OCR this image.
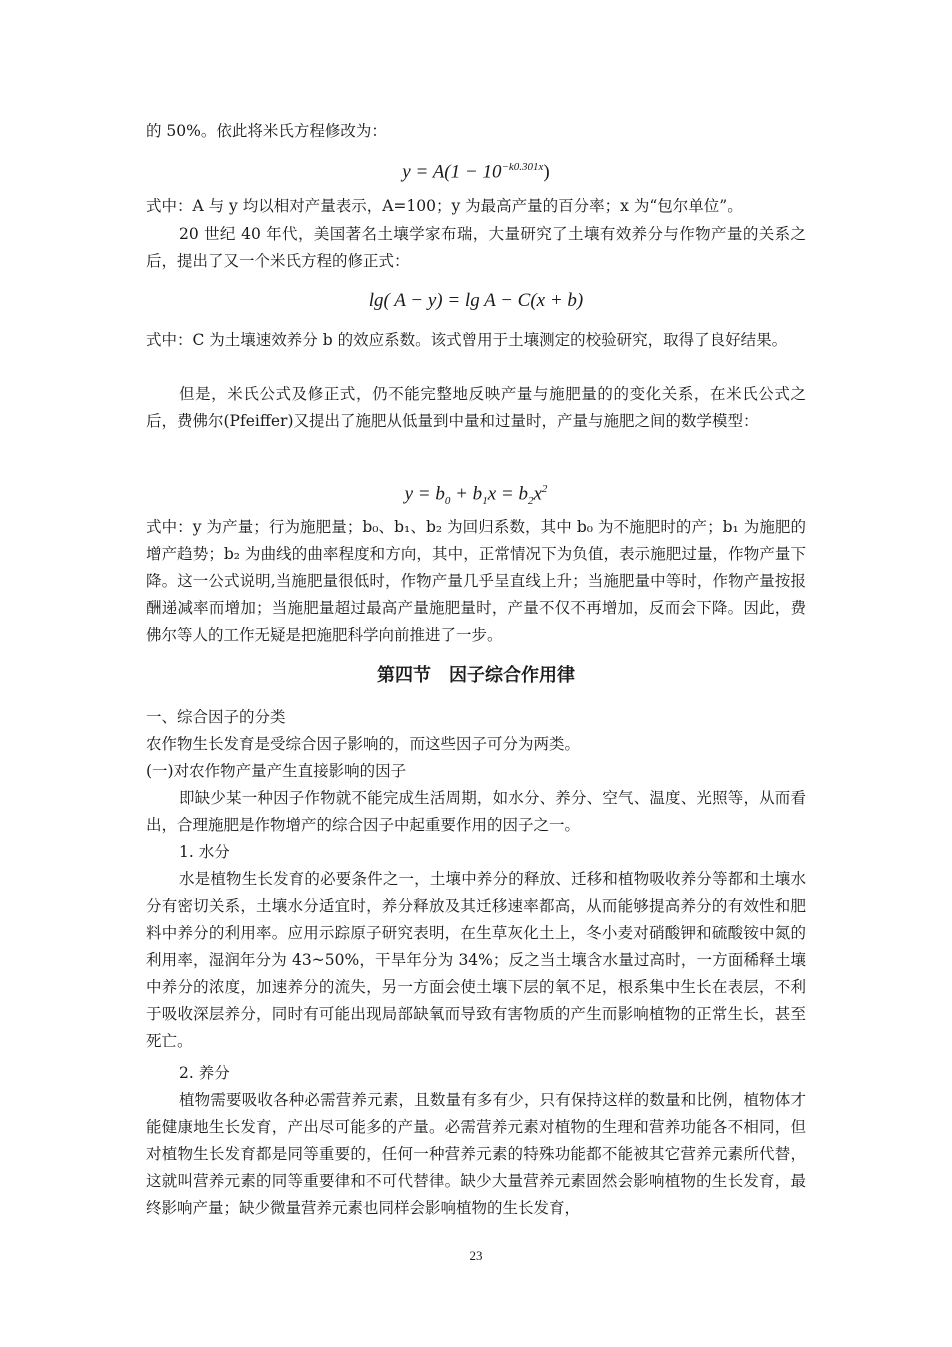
的 50%。依此将米氏方程修改为：

$y = A(1 - 10^{-k0.301x})$

式中：A 与 y 均以相对产量表示，A=100；y 为最高产量的百分率；x 为“包尔单位”。

20 世纪 40 年代，美国著名土壤学家布瑞，大量研究了土壤有效养分与作物产量的关系之后，提出了又一个米氏方程的修正式：

lg( A − y) = lg A − C(x + b)

式中：C 为土壤速效养分 b 的效应系数。该式曾用于土壤测定的校验研究，取得了良好结果。

但是，米氏公式及修正式，仍不能完整地反映产量与施肥量的的变化关系，在米氏公式之后，费佛尔(Pfeiffer)又提出了施肥从低量到中量和过量时，产量与施肥之间的数学模型：

$y = b_0 + b_1x = b_2x^2$

式中：y 为产量；行为施肥量；b₀、b₁、b₂ 为回归系数，其中 b₀ 为不施肥时的产；b₁ 为施肥的增产趋势；b₂ 为曲线的曲率程度和方向，其中，正常情况下为负值，表示施肥过量，作物产量下降。这一公式说明,当施肥量很低时，作物产量几乎呈直线上升；当施肥量中等时，作物产量按报酬递减率而增加；当施肥量超过最高产量施肥量时，产量不仅不再增加，反而会下降。因此，费佛尔等人的工作无疑是把施肥科学向前推进了一步。

第四节　因子综合作用律

一、综合因子的分类

农作物生长发育是受综合因子影响的，而这些因子可分为两类。

(一)对农作物产量产生直接影响的因子

即缺少某一种因子作物就不能完成生活周期，如水分、养分、空气、温度、光照等，从而看出，合理施肥是作物增产的综合因子中起重要作用的因子之一。

1. 水分

水是植物生长发育的必要条件之一，土壤中养分的释放、迁移和植物吸收养分等都和土壤水分有密切关系，土壤水分适宜时，养分释放及其迁移速率都高，从而能够提高养分的有效性和肥料中养分的利用率。应用示踪原子研究表明，在生草灰化土上，冬小麦对硝酸钾和硫酸铵中氮的利用率，湿润年分为 43~50%，干旱年分为 34%；反之当土壤含水量过高时，一方面稀释土壤中养分的浓度，加速养分的流失，另一方面会使土壤下层的氧不足，根系集中生长在表层，不利于吸收深层养分，同时有可能出现局部缺氧而导致有害物质的产生而影响植物的正常生长，甚至死亡。

2. 养分

植物需要吸收各种必需营养元素，且数量有多有少，只有保持这样的数量和比例，植物体才能健康地生长发育，产出尽可能多的产量。必需营养元素对植物的生理和营养功能各不相同，但对植物生长发育都是同等重要的，任何一种营养元素的特殊功能都不能被其它营养元素所代替，这就叫营养元素的同等重要律和不可代替律。缺少大量营养元素固然会影响植物的生长发育，最终影响产量；缺少微量营养元素也同样会影响植物的生长发育，

23
